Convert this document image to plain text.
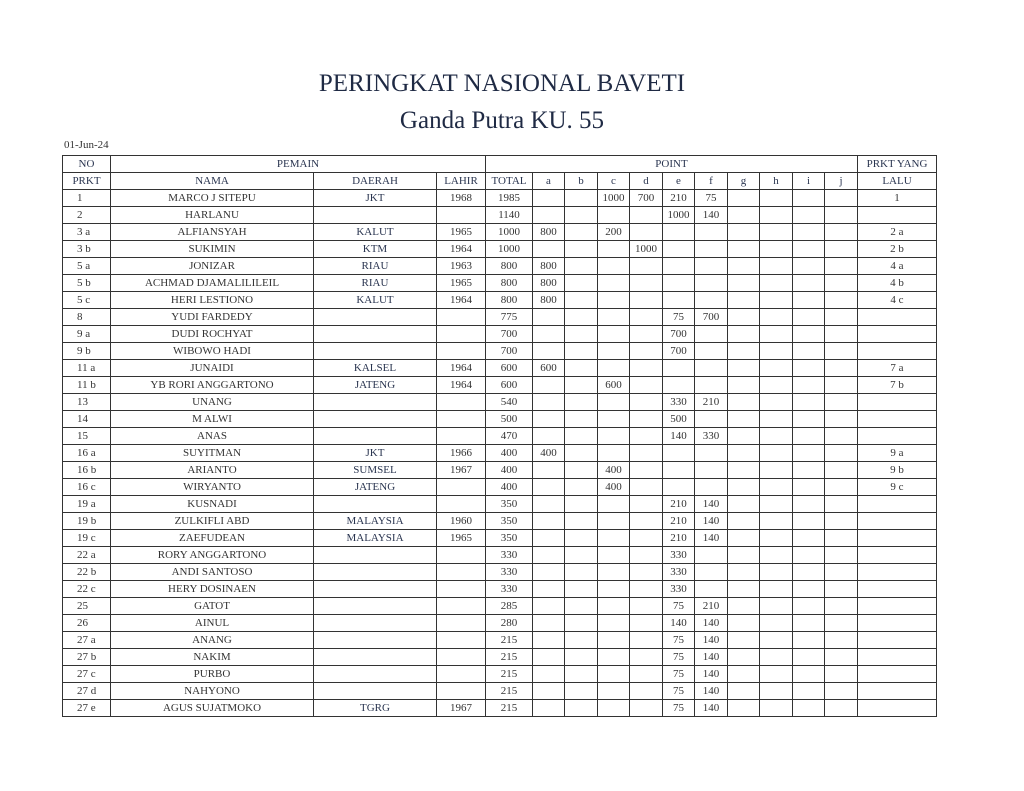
PERINGKAT NASIONAL BAVETI
Ganda Putra KU. 55
01-Jun-24
NO	PEMAIN			POINT											PRKT YANG
PRKT	NAMA	DAERAH	LAHIR	TOTAL	a	b	c	d	e	f	g	h	i	j	LALU
1	MARCO J SITEPU	JKT	1968	1985			1000	700	210	75					1
2	HARLANU			1140					1000	140					
3 a	ALFIANSYAH	KALUT	1965	1000	800		200								2 a
3 b	SUKIMIN	KTM	1964	1000				1000							2 b
5 a	JONIZAR	RIAU	1963	800	800										4 a
5 b	ACHMAD DJAMALILILEIL	RIAU	1965	800	800										4 b
5 c	HERI LESTIONO	KALUT	1964	800	800										4 c
8	YUDI FARDEDY			775					75	700					
9 a	DUDI ROCHYAT			700					700						
9 b	WIBOWO HADI			700					700						
11 a	JUNAIDI	KALSEL	1964	600	600										7 a
11 b	YB RORI ANGGARTONO	JATENG	1964	600			600								7 b
13	UNANG			540					330	210					
14	M ALWI			500					500						
15	ANAS			470					140	330					
16 a	SUYITMAN	JKT	1966	400	400										9 a
16 b	ARIANTO	SUMSEL	1967	400			400								9 b
16 c	WIRYANTO	JATENG		400			400								9 c
19 a	KUSNADI			350					210	140					
19 b	ZULKIFLI ABD	MALAYSIA	1960	350					210	140					
19 c	ZAEFUDEAN	MALAYSIA	1965	350					210	140					
22 a	RORY ANGGARTONO			330					330						
22 b	ANDI SANTOSO			330					330						
22 c	HERY DOSINAEN			330					330						
25	GATOT			285					75	210					
26	AINUL			280					140	140					
27 a	ANANG			215					75	140					
27 b	NAKIM			215					75	140					
27 c	PURBO			215					75	140					
27 d	NAHYONO			215					75	140					
27 e	AGUS SUJATMOKO	TGRG	1967	215					75	140					
